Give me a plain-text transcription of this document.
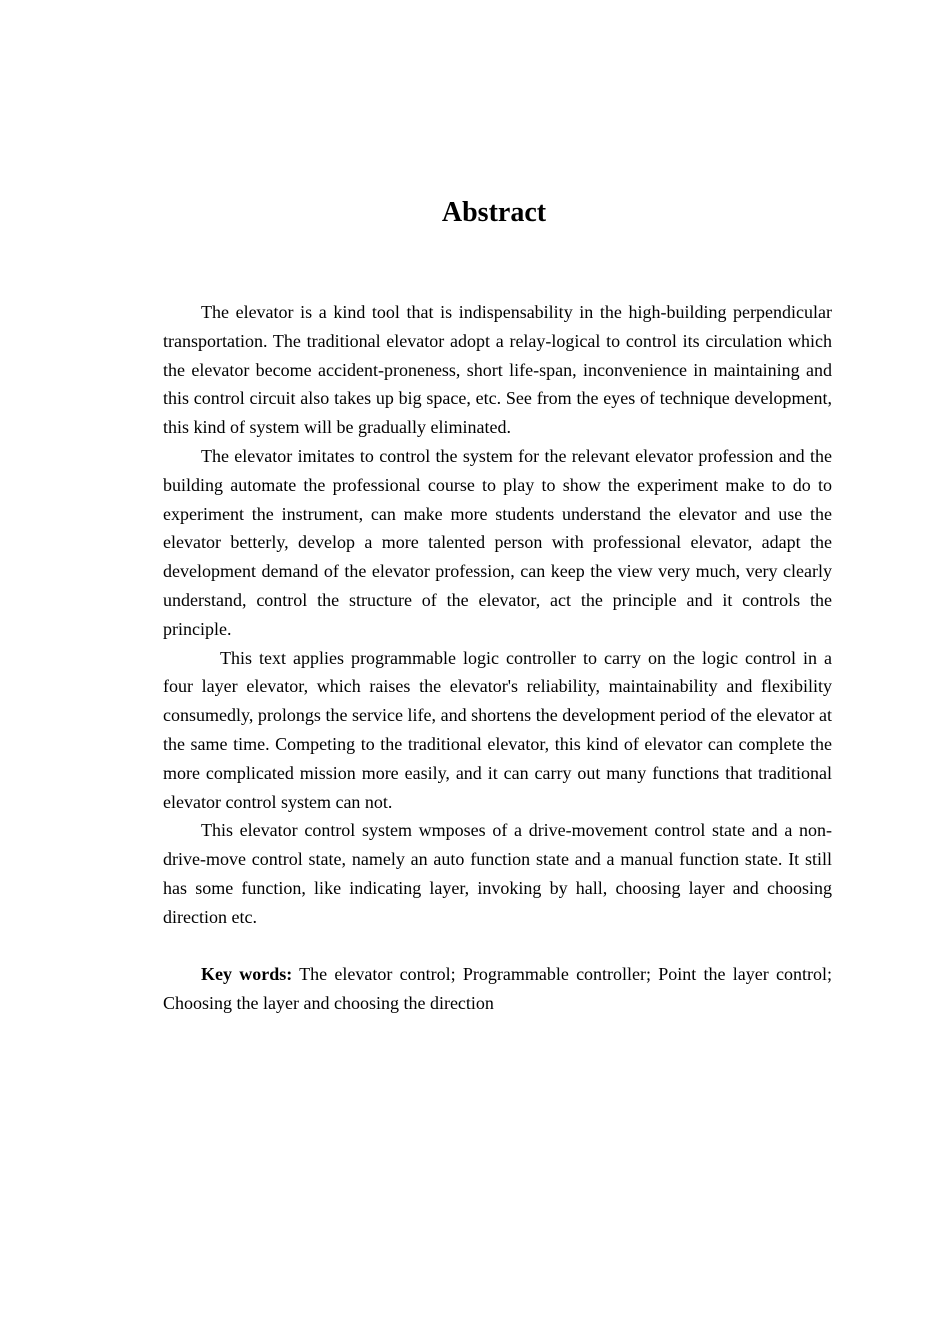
Abstract

The elevator is a kind tool that is indispensability in the high-building perpendicular transportation. The traditional elevator adopt a relay-logical to control its circulation which the elevator become accident-proneness, short life-span, inconvenience in maintaining and this control circuit also takes up big space, etc. See from the eyes of technique development, this kind of system will be gradually eliminated.

The elevator imitates to control the system for the relevant elevator profession and the building automate the professional course to play to show the experiment make to do to experiment the instrument, can make more students understand the elevator and use the elevator betterly, develop a more talented person with professional elevator, adapt the development demand of the elevator profession, can keep the view very much, very clearly understand, control the structure of the elevator, act the principle and it controls the principle.

This text applies programmable logic controller to carry on the logic control in a four layer elevator, which raises the elevator's reliability, maintainability and flexibility consumedly, prolongs the service life, and shortens the development period of the elevator at the same time. Competing to the traditional elevator, this kind of elevator can complete the more complicated mission more easily, and it can carry out many functions that traditional elevator control system can not.

This elevator control system wmposes of a drive-movement control state and a non-drive-move control state, namely an auto function state and a manual function state. It still has some function, like indicating layer, invoking by hall, choosing layer and choosing direction etc.

Key words: The elevator control; Programmable controller; Point the layer control; Choosing the layer and choosing the direction
